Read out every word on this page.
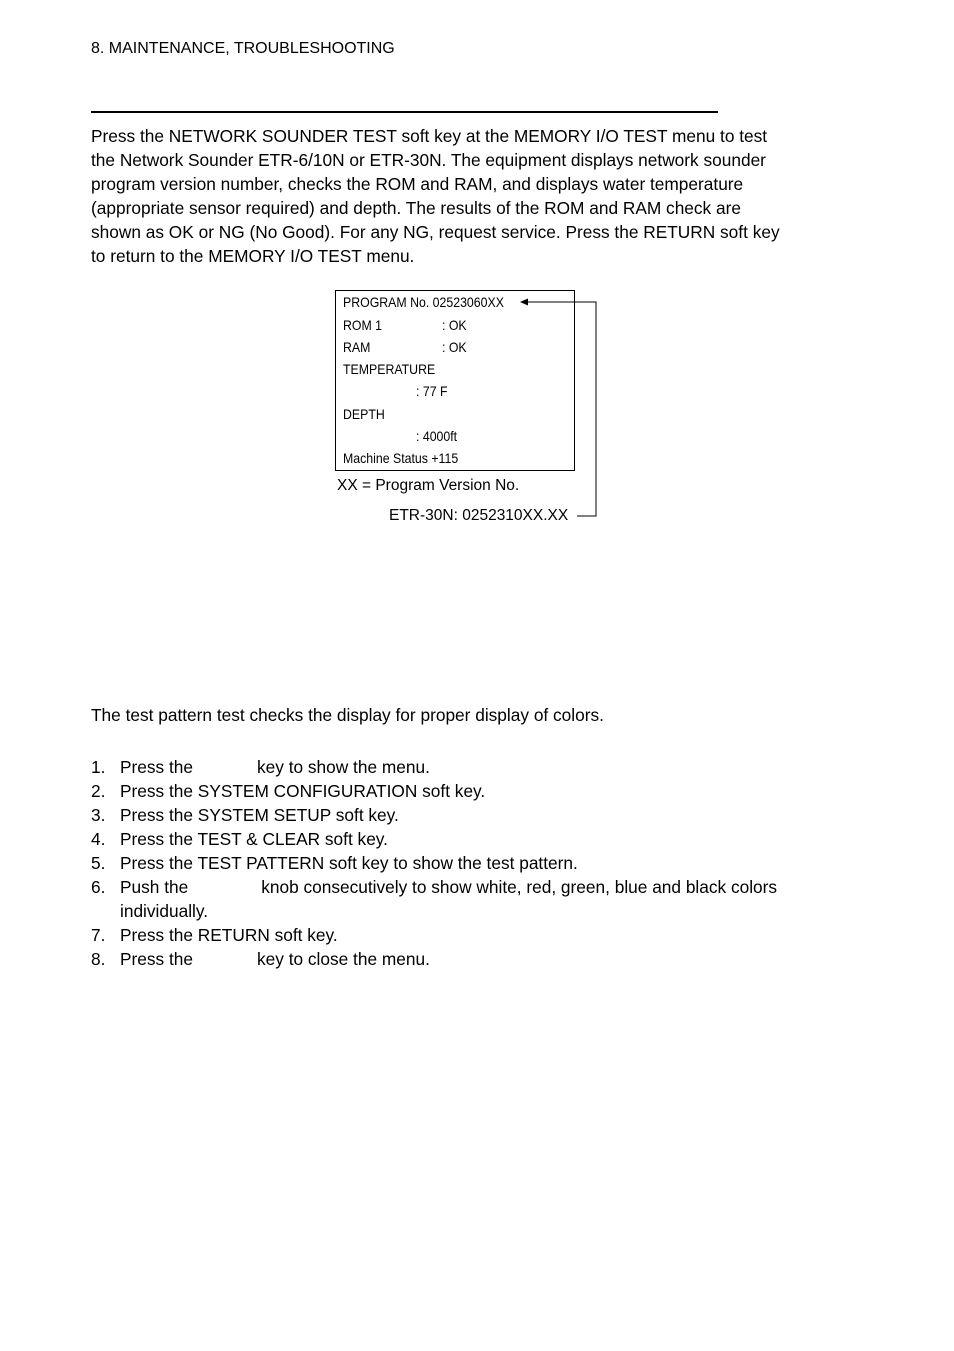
8. MAINTENANCE, TROUBLESHOOTING

Press the NETWORK SOUNDER TEST soft key at the MEMORY I/O TEST menu to test

the Network Sounder ETR-6/10N or ETR-30N. The equipment displays network sounder

program version number, checks the ROM and RAM, and displays water temperature

(appropriate sensor required) and depth. The results of the ROM and RAM check are

shown as OK or NG (No Good). For any NG, request service. Press the RETURN soft key

to return to the MEMORY I/O TEST menu.

PROGRAM No. 02523060XX
ROM 1	: OK
RAM	: OK
TEMPERATURE
: 77 F
DEPTH
: 4000ft
Machine Status +115
XX = Program Version No.
ETR-30N: 0252310XX.XX
The test pattern test checks the display for proper display of colors.
1. Press the	key to show the menu.
2. Press the SYSTEM CONFIGURATION soft key.
3. Press the SYSTEM SETUP soft key.
4. Press the TEST & CLEAR soft key.
5. Press the TEST PATTERN soft key to show the test pattern.
6. Push the	knob consecutively to show white, red, green, blue and black colors
individually.
7. Press the RETURN soft key.
8. Press the	key to close the menu.
